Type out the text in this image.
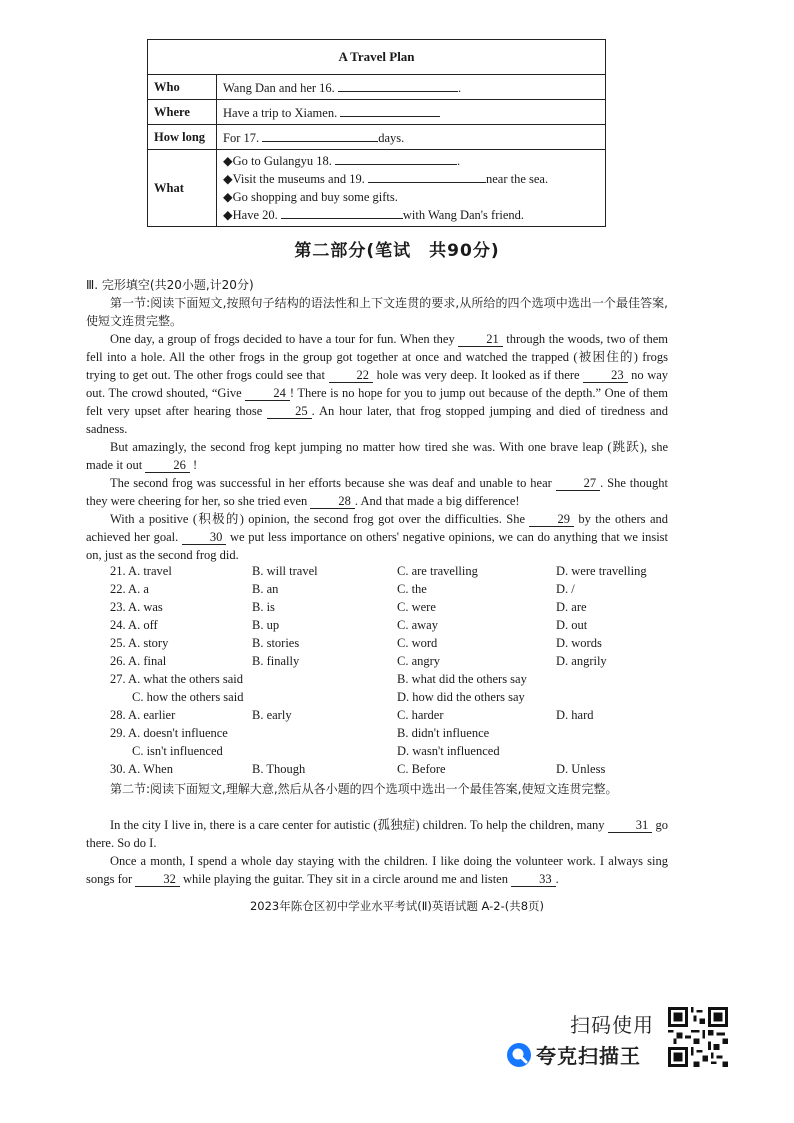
A Travel Plan	
Who	Wang Dan and her 16. .
Where	Have a trip to Xiamen.
How long	For 17. days.
What	◆Go to Gulangyu 18. .
◆Visit the museums and 19. near the sea.
◆Go shopping and buy some gifts.
◆Have 20. with Wang Dan's friend.
第二部分(笔试　共90分)
Ⅲ. 完形填空(共20小题,计20分)

第一节:阅读下面短文,按照句子结构的语法性和上下文连贯的要求,从所给的四个选项中选出一个最佳答案,使短文连贯完整。

One day, a group of frogs decided to have a tour for fun. When they	21 through the woods, two of them fell into a hole. All the other frogs in the group got together at once and watched the trapped (被困住的) frogs trying to get out. The other frogs could see that	22 hole was very deep. It looked as if there	23 no way out. The crowd shouted, “Give	24 ! There is no hope for you to jump out because of the depth.” One of them felt very upset after hearing those	25 . An hour later, that frog stopped jumping and died of tiredness and sadness.

But amazingly, the second frog kept jumping no matter how tired she was. With one brave leap (跳跃), she made it out 26 !

The second frog was successful in her efforts because she was deaf and unable to hear	27 . She thought they were cheering for her, so she tried even 28 . And that made a big difference!

With a positive (积极的) opinion, the second frog got over the difficulties. She	29 by the others and achieved her goal.	30 we put less importance on others' negative opinions, we can do anything that we insist on, just as the second frog did.

21. A. travel	B. will travel	C. are travelling	D. were travelling
22. A. a	B. an	C. the	D. /
23. A. was	B. is	C. were	D. are
24. A. off	B. up	C. away	D. out
25. A. story	B. stories	C. word	D. words
26. A. final	B. finally	C. angry	D. angrily
27. A. what the others said	B. what did the others say
C. how the others said	D. how did the others say
28. A. earlier	B. early	C. harder	D. hard
29. A. doesn't influence	B. didn't influence
C. isn't influenced	D. wasn't influenced
30. A. When	B. Though	C. Before	D. Unless

第二节:阅读下面短文,理解大意,然后从各小题的四个选项中选出一个最佳答案,使短文连贯完整。

In the city I live in, there is a care center for autistic (孤独症) children. To help the children, many	31 go there. So do I.

Once a month, I spend a whole day staying with the children. I like doing the volunteer work. I always sing songs for 32 while playing the guitar. They sit in a circle around me and listen 33 .

2023年陈仓区初中学业水平考试(Ⅱ)英语试题 A-2-(共8页)
扫码使用
夸克扫描王
